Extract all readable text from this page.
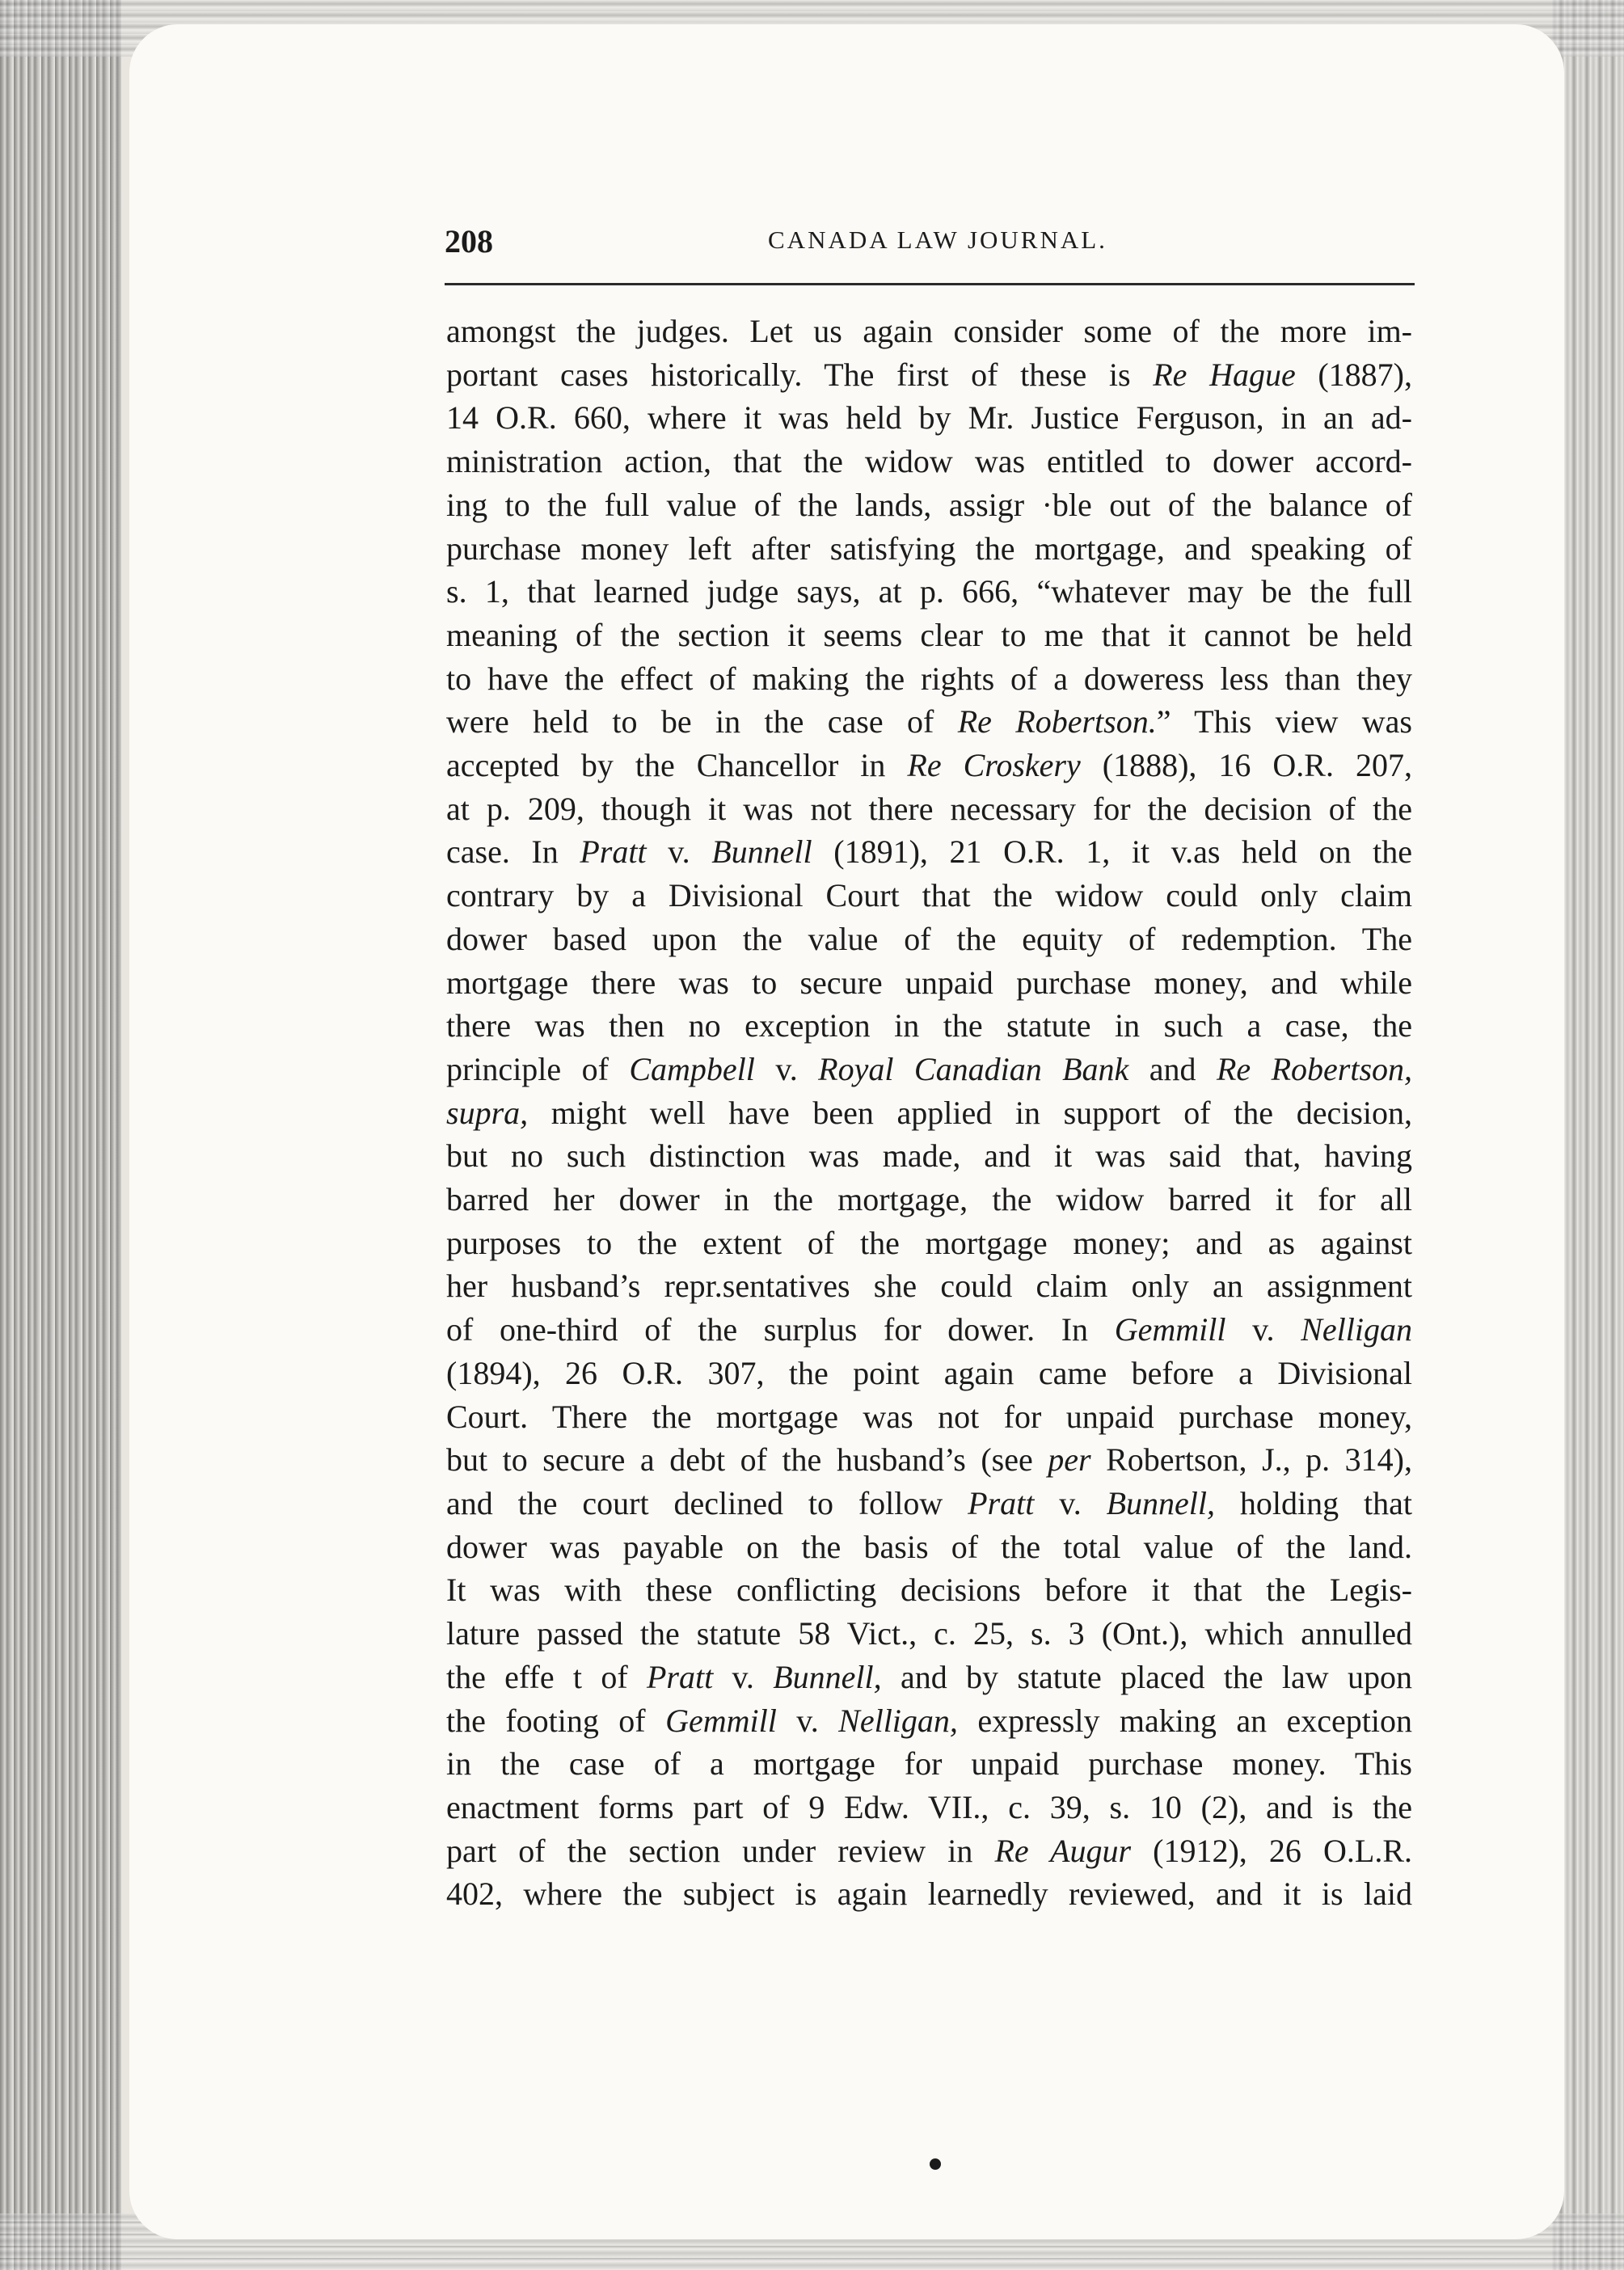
208	CANADA LAW JOURNAL.

amongst the judges. Let us again consider some of the more im-
portant cases historically. The first of these is Re Hague (1887),
14 O.R. 660, where it was held by Mr. Justice Ferguson, in an ad-
ministration action, that the widow was entitled to dower accord-
ing to the full value of the lands, assigr ·ble out of the balance of
purchase money left after satisfying the mortgage, and speaking of
s. 1, that learned judge says, at p. 666, “whatever may be the full
meaning of the section it seems clear to me that it cannot be held
to have the effect of making the rights of a doweress less than they
were held to be in the case of Re Robertson.” This view was
accepted by the Chancellor in Re Croskery (1888), 16 O.R. 207,
at p. 209, though it was not there necessary for the decision of the
case. In Pratt v. Bunnell (1891), 21 O.R. 1, it v.as held on the
contrary by a Divisional Court that the widow could only claim
dower based upon the value of the equity of redemption. The
mortgage there was to secure unpaid purchase money, and while
there was then no exception in the statute in such a case, the
principle of Campbell v. Royal Canadian Bank and Re Robertson,
supra, might well have been applied in support of the decision,
but no such distinction was made, and it was said that, having
barred her dower in the mortgage, the widow barred it for all
purposes to the extent of the mortgage money; and as against
her husband’s repr.sentatives she could claim only an assignment
of one-third of the surplus for dower. In Gemmill v. Nelligan
(1894), 26 O.R. 307, the point again came before a Divisional
Court. There the mortgage was not for unpaid purchase money,
but to secure a debt of the husband’s (see per Robertson, J., p. 314),
and the court declined to follow Pratt v. Bunnell, holding that
dower was payable on the basis of the total value of the land.
It was with these conflicting decisions before it that the Legis-
lature passed the statute 58 Vict., c. 25, s. 3 (Ont.), which annulled
the effe t of Pratt v. Bunnell, and by statute placed the law upon
the footing of Gemmill v. Nelligan, expressly making an exception
in the case of a mortgage for unpaid purchase money. This
enactment forms part of 9 Edw. VII., c. 39, s. 10 (2), and is the
part of the section under review in Re Augur (1912), 26 O.L.R.
402, where the subject is again learnedly reviewed, and it is laid
